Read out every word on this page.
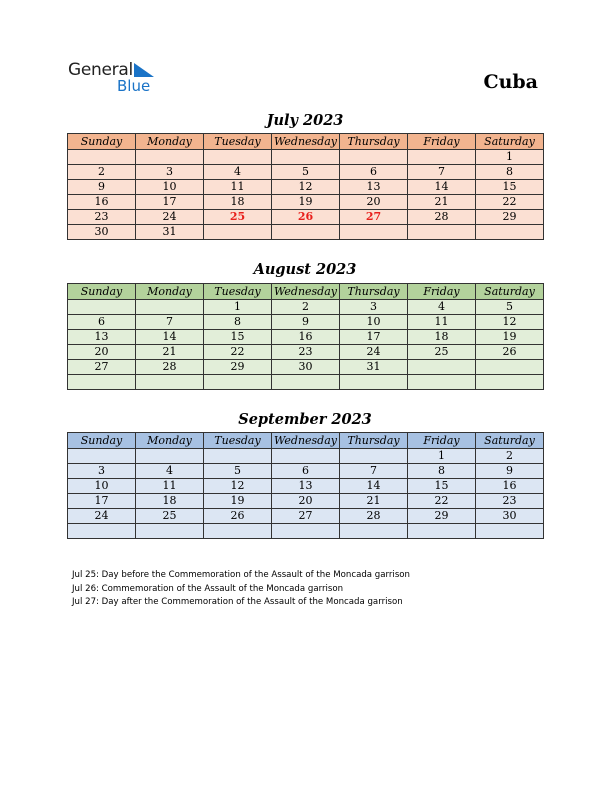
General
Blue	Cuba
July 2023
Sunday	Monday	Tuesday	Wednesday	Thursday	Friday	Saturday
						1
2	3	4	5	6	7	8
9	10	11	12	13	14	15
16	17	18	19	20	21	22
23	24	25	26	27	28	29
30	31					
August 2023
Sunday	Monday	Tuesday	Wednesday	Thursday	Friday	Saturday
		1	2	3	4	5
6	7	8	9	10	11	12
13	14	15	16	17	18	19
20	21	22	23	24	25	26
27	28	29	30	31		

September 2023
Sunday	Monday	Tuesday	Wednesday	Thursday	Friday	Saturday
					1	2
3	4	5	6	7	8	9
10	11	12	13	14	15	16
17	18	19	20	21	22	23
24	25	26	27	28	29	30

Jul 25: Day before the Commemoration of the Assault of the Moncada garrison
Jul 26: Commemoration of the Assault of the Moncada garrison
Jul 27: Day after the Commemoration of the Assault of the Moncada garrison
